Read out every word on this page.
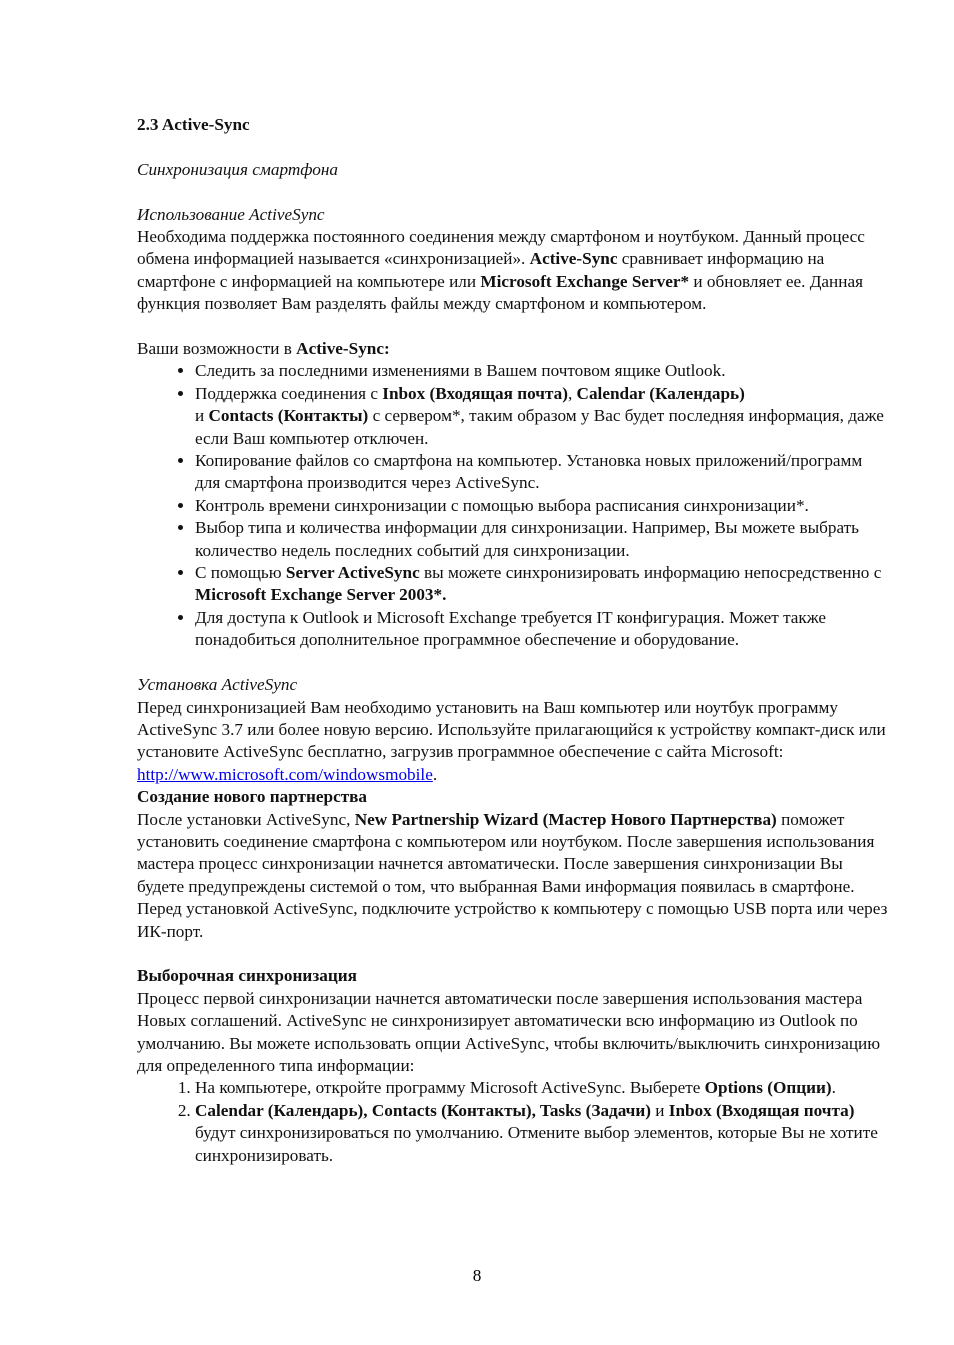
2.3 Active-Sync

Синхронизация смартфона

Использование ActiveSync

Необходима поддержка постоянного соединения между смартфоном и ноутбуком. Данный процесс обмена информацией называется «синхронизацией». Active-Sync сравнивает информацию на смартфоне с информацией на компьютере или Microsoft Exchange Server* и обновляет ее. Данная функция позволяет Вам разделять файлы между смартфоном и компьютером.

Ваши возможности в Active-Sync:

• Следить за последними изменениями в Вашем почтовом ящике Outlook.
• Поддержка соединения с Inbox (Входящая почта), Calendar (Календарь)
и Contacts (Контакты) с сервером*, таким образом у Вас будет последняя информация, даже если Ваш компьютер отключен.
• Копирование файлов со смартфона на компьютер. Установка новых приложений/программ для смартфона производится через ActiveSync.
• Контроль времени синхронизации с помощью выбора расписания синхронизации*.
• Выбор типа и количества информации для синхронизации. Например, Вы можете выбрать количество недель последних событий для синхронизации.
• С помощью Server ActiveSync вы можете синхронизировать информацию непосредственно с Microsoft Exchange Server 2003*.
• Для доступа к Outlook и Microsoft Exchange требуется IT конфигурация. Может также понадобиться дополнительное программное обеспечение и оборудование.

Установка ActiveSync

Перед синхронизацией Вам необходимо установить на Ваш компьютер или ноутбук программу ActiveSync 3.7 или более новую версию. Используйте прилагающийся к устройству компакт-диск или установите ActiveSync бесплатно, загрузив программное обеспечение с сайта Microsoft: http://www.microsoft.com/windowsmobile.

Создание нового партнерства

После установки ActiveSync, New Partnership Wizard (Мастер Нового Партнерства) поможет установить соединение смартфона с компьютером или ноутбуком. После завершения использования мастера процесс синхронизации начнется автоматически. После завершения синхронизации Вы будете предупреждены системой о том, что выбранная Вами информация появилась в смартфоне. Перед установкой ActiveSync, подключите устройство к компьютеру с помощью USB порта или через ИК-порт.

Выборочная синхронизация

Процесс первой синхронизации начнется автоматически после завершения использования мастера Новых соглашений. ActiveSync не синхронизирует автоматически всю информацию из Outlook по умолчанию. Вы можете использовать опции ActiveSync, чтобы включить/выключить синхронизацию для определенного типа информации:

1. На компьютере, откройте программу Microsoft ActiveSync. Выберете Options (Опции).
2. Calendar (Календарь), Contacts (Контакты), Tasks (Задачи) и Inbox (Входящая почта) будут синхронизироваться по умолчанию. Отмените выбор элементов, которые Вы не хотите синхронизировать.
8
